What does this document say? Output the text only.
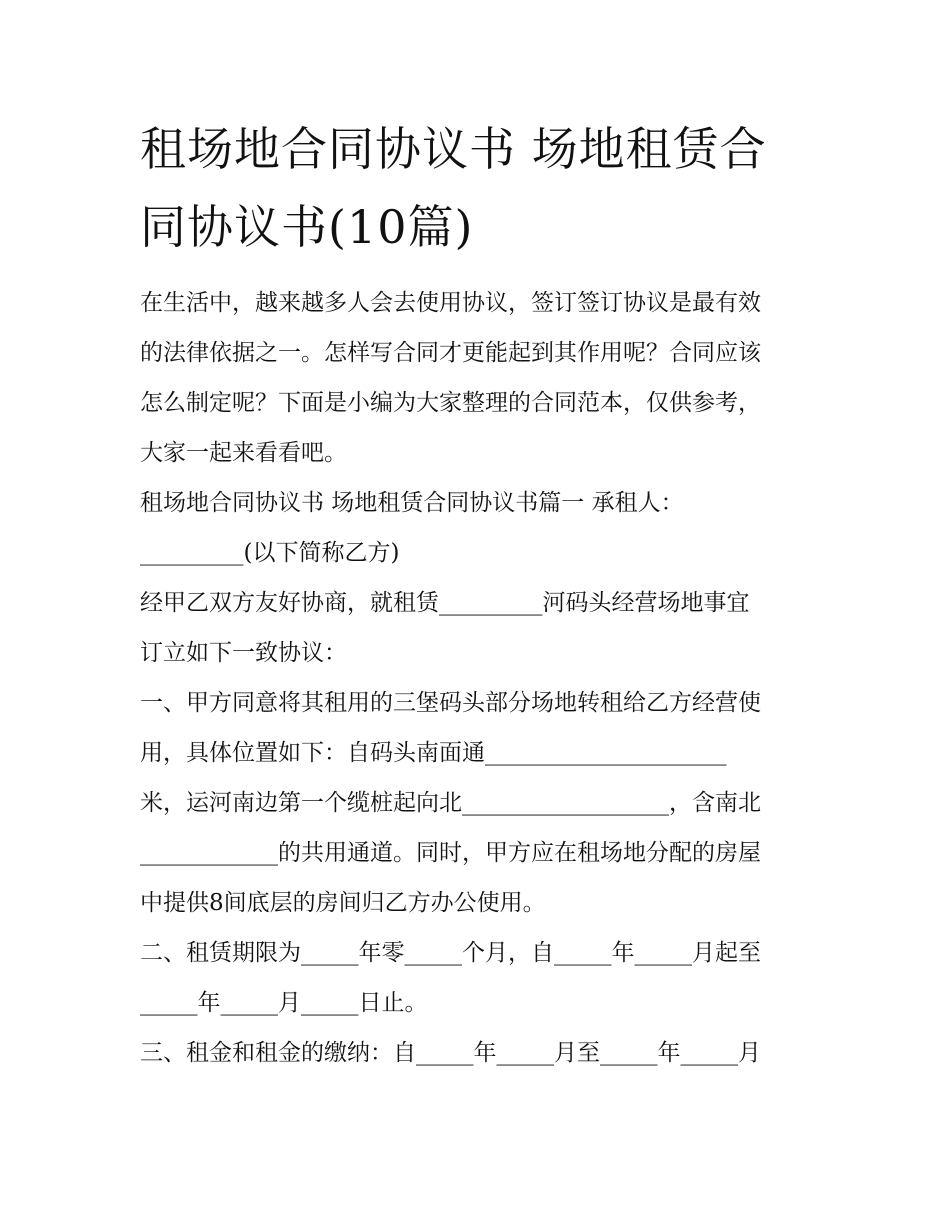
租场地合同协议书 场地租赁合
同协议书(10篇)

在生活中，越来越多人会去使用协议，签订签订协议是最有效
的法律依据之一。怎样写合同才更能起到其作用呢？合同应该
怎么制定呢？下面是小编为大家整理的合同范本，仅供参考，
大家一起来看看吧。

租场地合同协议书 场地租赁合同协议书篇一 承租人：

_________(以下简称乙方)

经甲乙双方友好协商，就租赁_________河码头经营场地事宜
订立如下一致协议：

一、甲方同意将其租用的三堡码头部分场地转租给乙方经营使
用，具体位置如下：自码头南面通_____________________
米，运河南边第一个缆桩起向北__________________，含南北
____________的共用通道。同时，甲方应在租场地分配的房屋
中提供8间底层的房间归乙方办公使用。

二、租赁期限为_____年零_____个月，自_____年_____月起至
_____年_____月_____日止。

三、租金和租金的缴纳：自_____年_____月至_____年_____月
